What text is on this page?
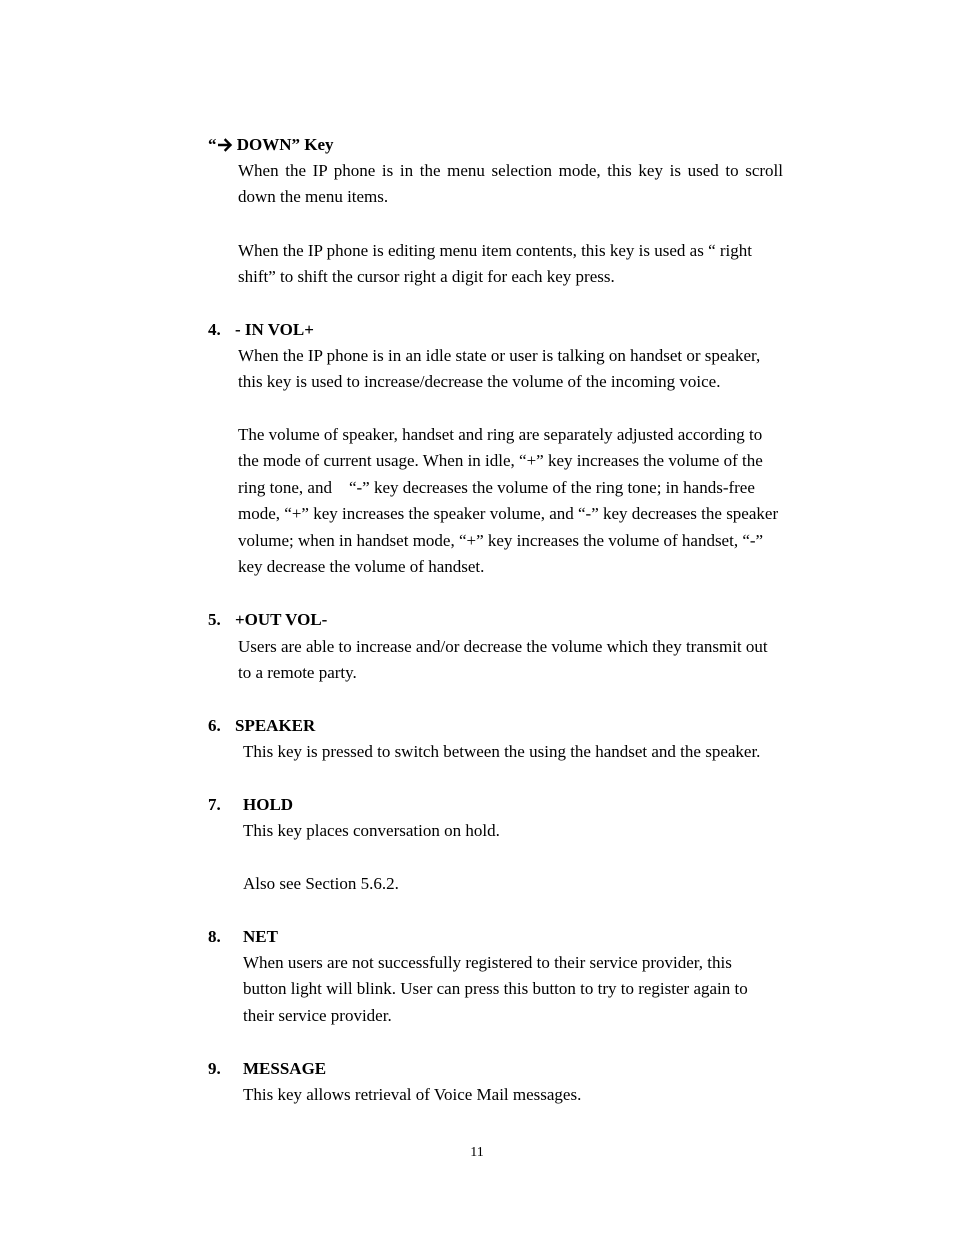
“ DOWN” Key
When the IP phone is in the menu selection mode, this key is used to scroll down the menu items.
When the IP phone is editing menu item contents, this key is used as “ right shift” to shift the cursor right a digit for each key press.
4. - IN VOL+
When the IP phone is in an idle state or user is talking on handset or speaker, this key is used to increase/decrease the volume of the incoming voice.
The volume of speaker, handset and ring are separately adjusted according to the mode of current usage. When in idle, “+” key increases the volume of the ring tone, and    “-” key decreases the volume of the ring tone; in hands-free mode, “+” key increases the speaker volume, and “-” key decreases the speaker volume; when in handset mode, “+” key increases the volume of handset, “-” key decrease the volume of handset.
5. +OUT VOL-
Users are able to increase and/or decrease the volume which they transmit out to a remote party.
6. SPEAKER
This key is pressed to switch between the using the handset and the speaker.
7. HOLD
This key places conversation on hold.
Also see Section 5.6.2.
8. NET
When users are not successfully registered to their service provider, this button light will blink. User can press this button to try to register again to their service provider.
9. MESSAGE
This key allows retrieval of Voice Mail messages.
11
